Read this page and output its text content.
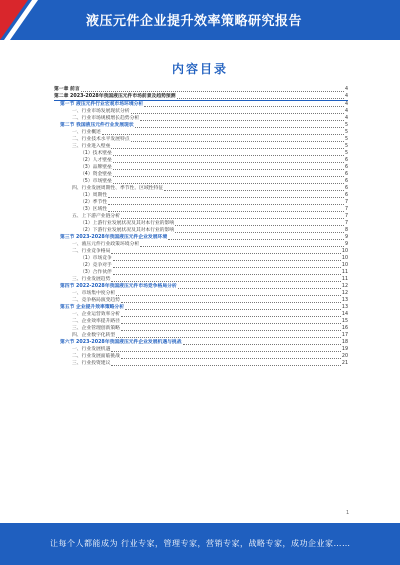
液压元件企业提升效率策略研究报告
内容目录
第一章 前言	4
第二章 2023-2028年我国液压元件市场前景及趋势预测	4
第一节 液压元件行业宏观市场环境分析	4
一、行业市场发展现状分析	4
二、行业市场规模增长趋势分析	4
第二节 我国液压元件行业发展现状	5
一、行业概述	5
二、行业技术水平发展特点	5
三、行业进入壁垒	5
（1）技术壁垒	5
（2）人才壁垒	6
（3）品牌壁垒	6
（4）资金壁垒	6
（5）市场壁垒	6
四、行业发展周期性、季节性、区域性特征	6
（1）周期性	6
（2）季节性	7
（3）区域性	7
五、上下游产业链分析	7
（1）上游行业发展状况及其对本行业的影响	7
（2）下游行业发展状况及其对本行业的影响	8
第三节 2023-2028年我国液压元件企业发展环境	9
一、液压元件行业政策环境分析	9
二、行业竞争格局	10
（1）市场竞争	10
（2）竞争对手	10
（3）合作伙伴	11
三、行业发展趋势	11
第四节 2022-2028年我国液压元件市场竞争格局分析	12
一、市场集中度分析	12
二、竞争格局演变趋势	13
第五节 企业提升效率策略分析	13
一、企业运营效率分析	14
二、企业效率提升路径	15
三、企业管理创新策略	16
四、企业数字化转型	17
第六节 2023-2028年我国液压元件企业发展机遇与挑战	18
一、行业发展机遇	19
二、行业发展面临挑战	20
三、行业投资建议	21
1
让每个人都能成为 行业专家，管理专家，营销专家，战略专家，成功企业家……
